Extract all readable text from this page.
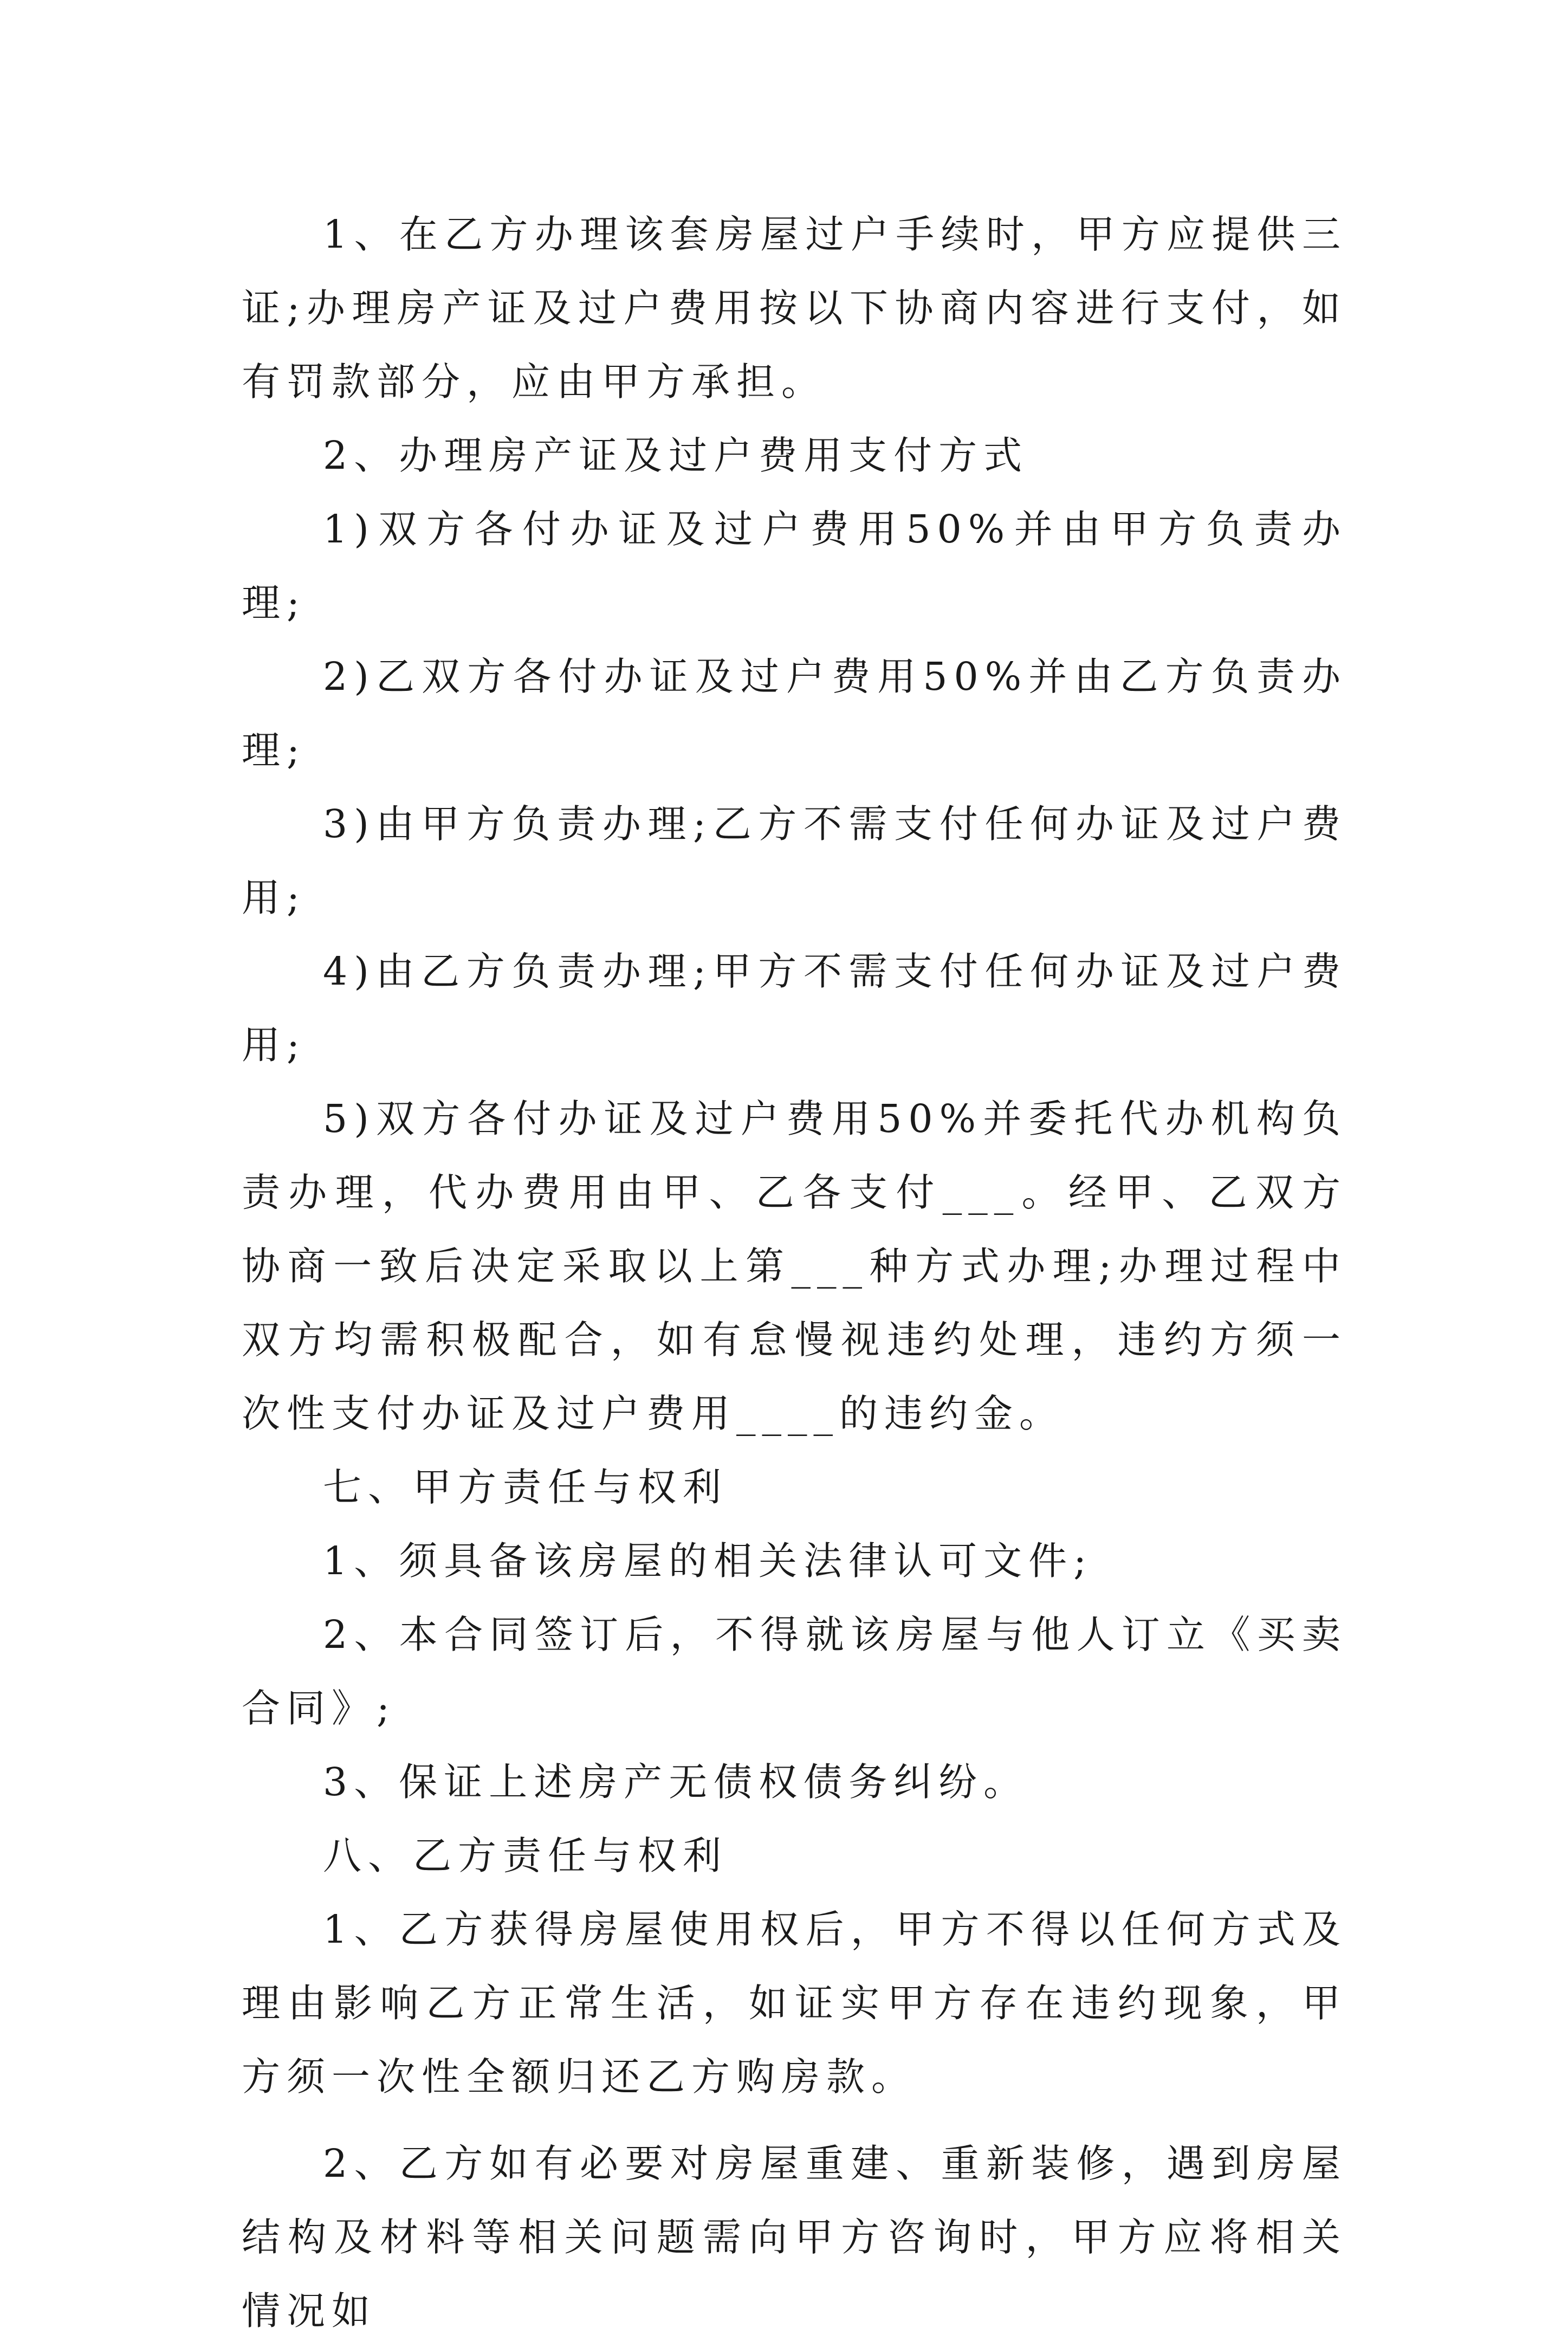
1、在乙方办理该套房屋过户手续时，甲方应提供三证;办理房产证及过户费用按以下协商内容进行支付，如有罚款部分，应由甲方承担。

2、办理房产证及过户费用支付方式

1)双方各付办证及过户费用50%并由甲方负责办理;

2)乙双方各付办证及过户费用50%并由乙方负责办理;

3)由甲方负责办理;乙方不需支付任何办证及过户费用;

4)由乙方负责办理;甲方不需支付任何办证及过户费用;

5)双方各付办证及过户费用50%并委托代办机构负责办理，代办费用由甲、乙各支付___。经甲、乙双方协商一致后决定采取以上第___种方式办理;办理过程中双方均需积极配合，如有怠慢视违约处理，违约方须一次性支付办证及过户费用____的违约金。

七、甲方责任与权利

1、须具备该房屋的相关法律认可文件;

2、本合同签订后，不得就该房屋与他人订立《买卖合同》;

3、保证上述房产无债权债务纠纷。

八、乙方责任与权利

1、乙方获得房屋使用权后，甲方不得以任何方式及理由影响乙方正常生活，如证实甲方存在违约现象，甲方须一次性全额归还乙方购房款。

2、乙方如有必要对房屋重建、重新装修，遇到房屋结构及材料等相关问题需向甲方咨询时，甲方应将相关情况如
